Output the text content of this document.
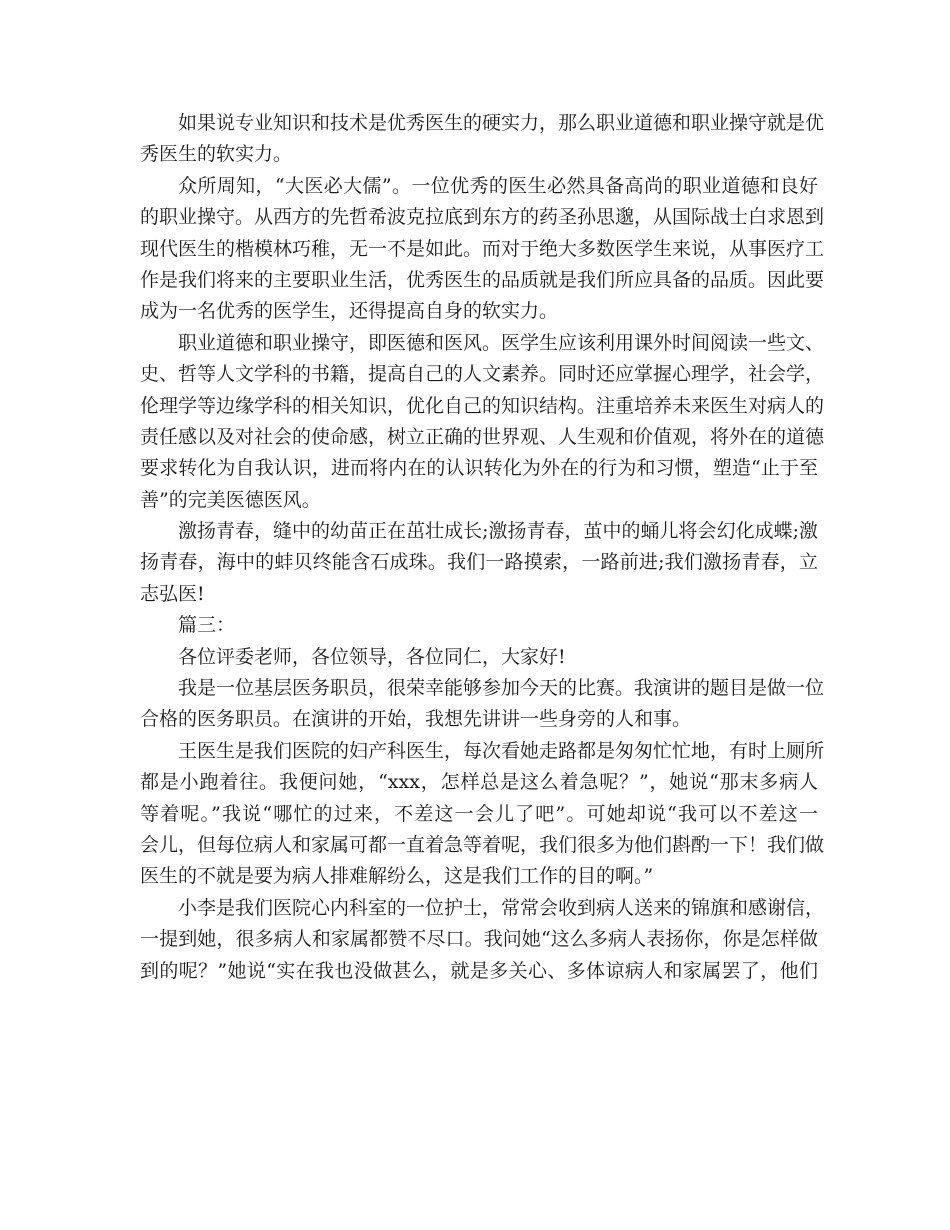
如果说专业知识和技术是优秀医生的硬实力，那么职业道德和职业操守就是优
秀医生的软实力。
众所周知，“大医必大儒”。一位优秀的医生必然具备高尚的职业道德和良好
的职业操守。从西方的先哲希波克拉底到东方的药圣孙思邈，从国际战士白求恩到
现代医生的楷模林巧稚，无一不是如此。而对于绝大多数医学生来说，从事医疗工
作是我们将来的主要职业生活，优秀医生的品质就是我们所应具备的品质。因此要
成为一名优秀的医学生，还得提高自身的软实力。
职业道德和职业操守，即医德和医风。医学生应该利用课外时间阅读一些文、
史、哲等人文学科的书籍，提高自己的人文素养。同时还应掌握心理学，社会学，
伦理学等边缘学科的相关知识，优化自己的知识结构。注重培养未来医生对病人的
责任感以及对社会的使命感，树立正确的世界观、人生观和价值观，将外在的道德
要求转化为自我认识，进而将内在的认识转化为外在的行为和习惯，塑造“止于至
善”的完美医德医风。
激扬青春，缝中的幼苗正在茁壮成长;激扬青春，茧中的蛹儿将会幻化成蝶;激
扬青春，海中的蚌贝终能含石成珠。我们一路摸索，一路前进;我们激扬青春，立
志弘医!
篇三：
各位评委老师，各位领导，各位同仁，大家好!
我是一位基层医务职员，很荣幸能够参加今天的比赛。我演讲的题目是做一位
合格的医务职员。在演讲的开始，我想先讲讲一些身旁的人和事。
王医生是我们医院的妇产科医生，每次看她走路都是匆匆忙忙地，有时上厕所
都是小跑着往。我便问她，“xxx，怎样总是这么着急呢？”，她说“那末多病人
等着呢。”我说“哪忙的过来，不差这一会儿了吧”。可她却说“我可以不差这一
会儿，但每位病人和家属可都一直着急等着呢，我们很多为他们斟酌一下！我们做
医生的不就是要为病人排难解纷么，这是我们工作的目的啊。”
小李是我们医院心内科室的一位护士，常常会收到病人送来的锦旗和感谢信，
一提到她，很多病人和家属都赞不尽口。我问她“这么多病人表扬你，你是怎样做
到的呢？”她说“实在我也没做甚么，就是多关心、多体谅病人和家属罢了，他们
